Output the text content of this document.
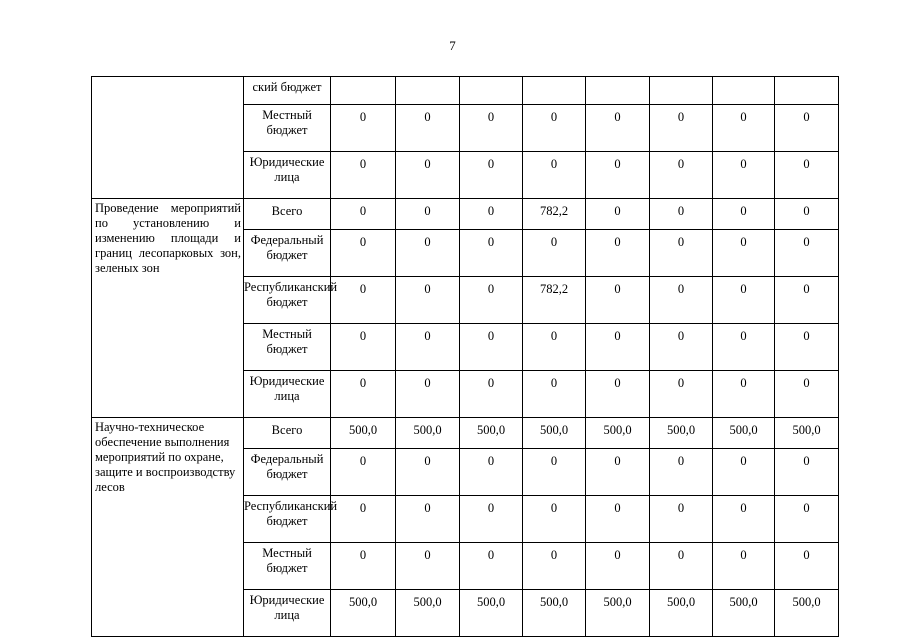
7
	ский бюджет								
	Местный бюджет	0	0	0	0	0	0	0	0
	Юридические лица	0	0	0	0	0	0	0	0
Проведение мероприятий по установлению и изменению площади и границ лесопарковых зон, зеленых зон	Всего	0	0	0	782,2	0	0	0	0
	Федеральный бюджет	0	0	0	0	0	0	0	0
	Республиканский бюджет	0	0	0	782,2	0	0	0	0
	Местный бюджет	0	0	0	0	0	0	0	0
	Юридические лица	0	0	0	0	0	0	0	0
Научно-техническое обеспечение выполнения мероприятий по охране, защите и воспроизводству лесов	Всего	500,0	500,0	500,0	500,0	500,0	500,0	500,0	500,0
	Федеральный бюджет	0	0	0	0	0	0	0	0
	Республиканский бюджет	0	0	0	0	0	0	0	0
	Местный бюджет	0	0	0	0	0	0	0	0
	Юридические лица	500,0	500,0	500,0	500,0	500,0	500,0	500,0	500,0
